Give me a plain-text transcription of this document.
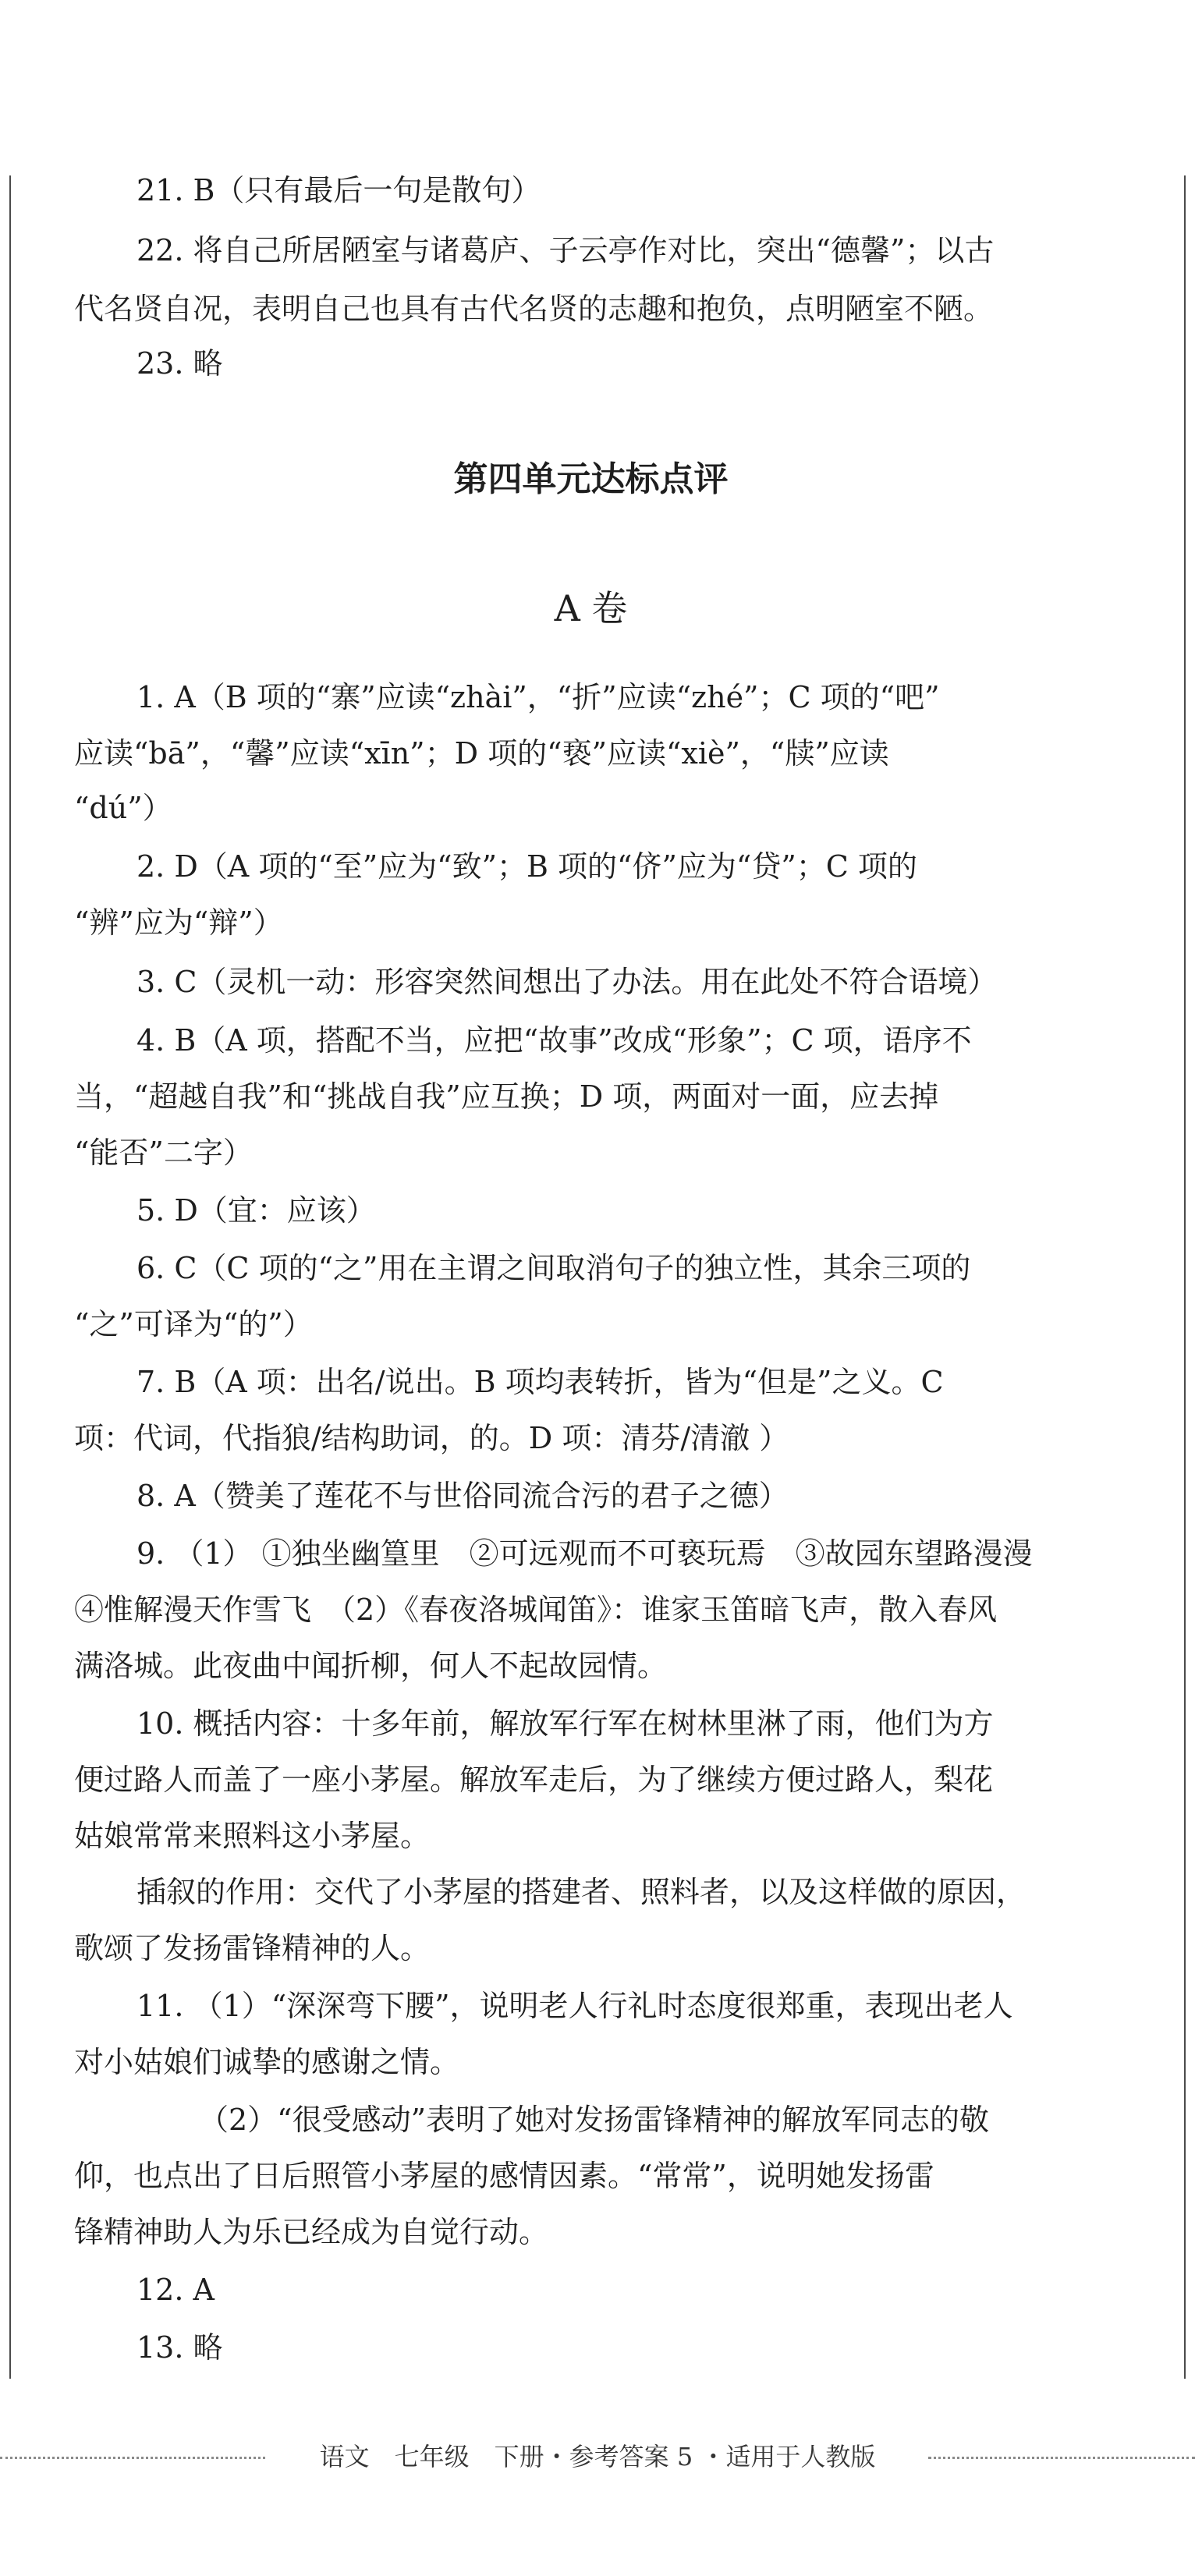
21. B（只有最后一句是散句）
22. 将自己所居陋室与诸葛庐、子云亭作对比，突出“德馨”；以古
代名贤自况，表明自己也具有古代名贤的志趣和抱负，点明陋室不陋。
23. 略
第四单元达标点评
A 卷
1. A（B 项的“寨”应读“zhài”，“折”应读“zhé”；C 项的“吧”
应读“bā”，“馨”应读“xīn”；D 项的“亵”应读“xiè”，“牍”应读
“dú”）
2. D（A 项的“至”应为“致”；B 项的“侪”应为“贷”；C 项的
“辨”应为“辩”）
3. C（灵机一动：形容突然间想出了办法。用在此处不符合语境）
4. B（A 项，搭配不当，应把“故事”改成“形象”；C 项，语序不
当，“超越自我”和“挑战自我”应互换；D 项，两面对一面，应去掉
“能否”二字）
5. D（宜：应该）
6. C（C 项的“之”用在主谓之间取消句子的独立性，其余三项的
“之”可译为“的”）
7. B（A 项：出名/说出。B 项均表转折，皆为“但是”之义。C
项：代词，代指狼/结构助词，的。D 项：清芬/清澈 ）
8. A（赞美了莲花不与世俗同流合污的君子之德）
9. （1） ①独坐幽篁里　②可远观而不可亵玩焉　③故园东望路漫漫
④惟解漫天作雪飞　（2）《春夜洛城闻笛》：谁家玉笛暗飞声，散入春风
满洛城。此夜曲中闻折柳，何人不起故园情。
10. 概括内容：十多年前，解放军行军在树林里淋了雨，他们为方
便过路人而盖了一座小茅屋。解放军走后，为了继续方便过路人，梨花
姑娘常常来照料这小茅屋。
插叙的作用：交代了小茅屋的搭建者、照料者，以及这样做的原因，
歌颂了发扬雷锋精神的人。
11. （1）“深深弯下腰”，说明老人行礼时态度很郑重，表现出老人
对小姑娘们诚挚的感谢之情。
（2）“很受感动”表明了她对发扬雷锋精神的解放军同志的敬
仰，也点出了日后照管小茅屋的感情因素。“常常”，说明她发扬雷
锋精神助人为乐已经成为自觉行动。
12. A
13. 略
语文　七年级　下册・参考答案 5 ・适用于人教版
